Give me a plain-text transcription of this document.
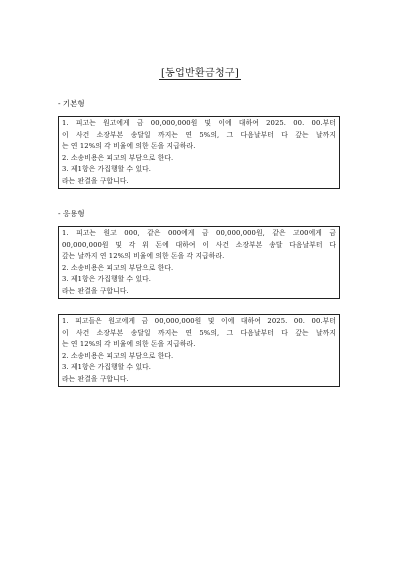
[동업반환금청구]
- 기본형
1. 피고는 원고에게 금 00,000,000원 및 이에 대하여 2025. 00. 00.부터
이 사건 소장부본 송달일 까지는 연 5%의, 그 다음날부터 다 갚는 날까지
는 연 12%의 각 비율에 의한 돈을 지급하라.
2. 소송비용은 피고의 부담으로 한다.
3. 제1항은 가집행할 수 있다.
라는 판결을 구합니다.
- 응용형
1. 피고는 원고 000, 같은 000에게 금 00,000,000원, 같은 고00에게 금
00,000,000원 및 각 위 돈에 대하여 이 사건 소장부본 송달 다음날부터 다
갚는 날까지 연 12%의 비율에 의한 돈을 각 지급하라.
2. 소송비용은 피고의 부담으로 한다.
3. 제1항은 가집행할 수 있다.
라는 판결을 구합니다.
1. 피고들은 원고에게 금 00,000,000원 및 이에 대하여 2025. 00. 00.부터
이 사건 소장부본 송달일 까지는 연 5%의, 그 다음날부터 다 갚는 날까지
는 연 12%의 각 비율에 의한 돈을 지급하라.
2. 소송비용은 피고의 부담으로 한다.
3. 제1항은 가집행할 수 있다.
라는 판결을 구합니다.
